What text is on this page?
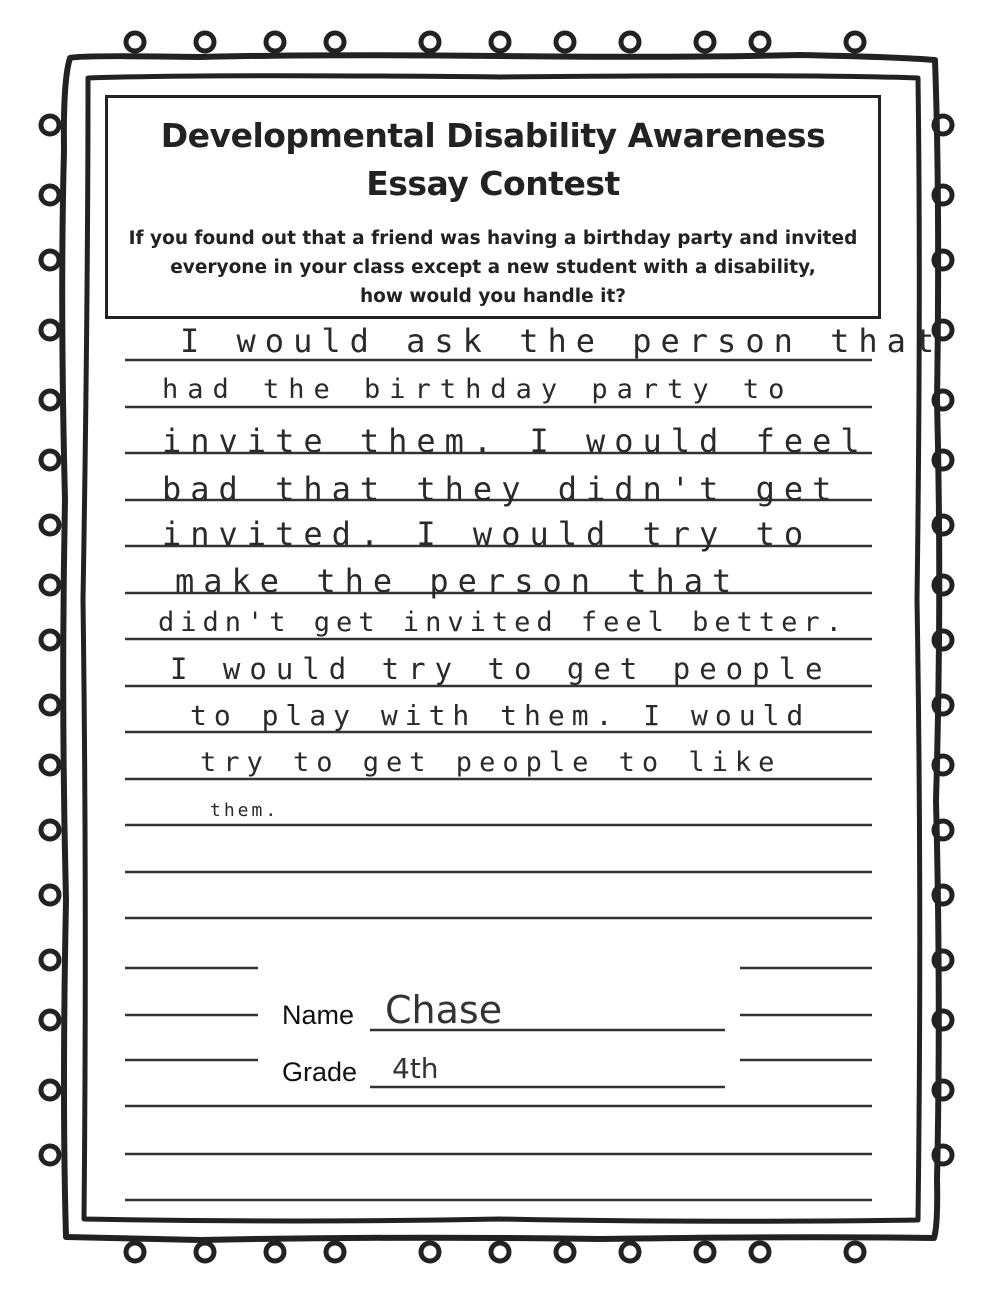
Developmental Disability Awareness
Essay Contest
If you found out that a friend was having a birthday party and invited
everyone in your class except a new student with a disability,
how would you handle it?
I would ask the person that
had the birthday party to
invite them. I would feel
bad that they didn't get
invited. I would try to
make the person that
didn't get invited feel better.
I would try to get people
to play with them. I would
try to get people to like
them.
Name Chase
Grade 4th
